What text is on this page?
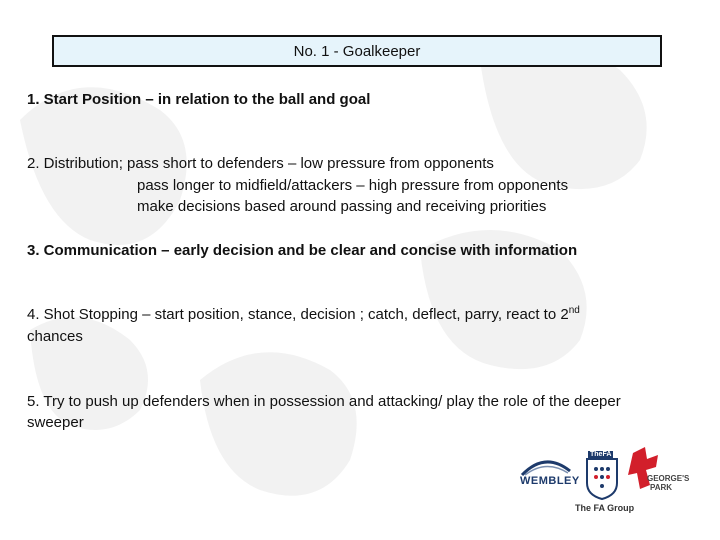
No. 1 - Goalkeeper
1. Start Position – in relation to the ball and goal
2. Distribution; pass short to defenders – low pressure from opponents
pass longer to midfield/attackers – high pressure from opponents
make decisions based around passing and receiving priorities
3. Communication – early decision and be clear and concise with information
4. Shot Stopping – start position, stance, decision ; catch, deflect, parry, react to 2nd
chances
5. Try to push up defenders when in possession and attacking/ play the role of the deeper
sweeper
WEMBLEY
TheFA
GEORGE'S
PARK
The FA Group
